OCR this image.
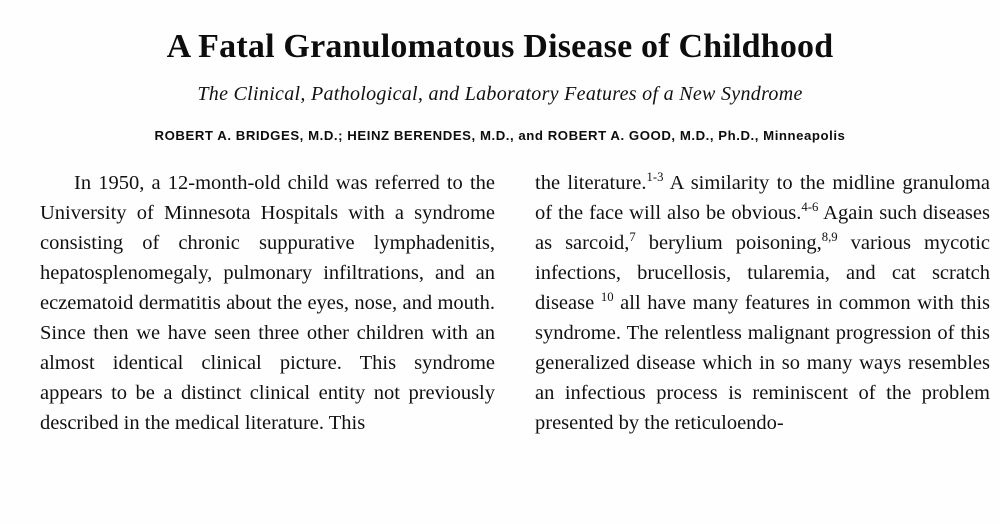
A Fatal Granulomatous Disease of Childhood
The Clinical, Pathological, and Laboratory Features of a New Syndrome
ROBERT A. BRIDGES, M.D.; HEINZ BERENDES, M.D., and ROBERT A. GOOD, M.D., Ph.D., Minneapolis

In 1950, a 12-month-old child was referred to the University of Minnesota Hospitals with a syndrome consisting of chronic suppurative lymphadenitis, hepatosplenomegaly, pulmonary infiltrations, and an eczematoid dermatitis about the eyes, nose, and mouth. Since then we have seen three other children with an almost identical clinical picture. This syndrome appears to be a distinct clinical entity not previously described in the medical literature. This

the literature.$^{1-3}$ A similarity to the midline granuloma of the face will also be obvious.$^{4-6}$ Again such diseases as sarcoid,$^7$ berylium poisoning,$^{8,9}$ various mycotic infections, brucellosis, tularemia, and cat scratch disease $^{10}$ all have many features in common with this syndrome. The relentless malignant progression of this generalized disease which in so many ways resembles an infectious process is reminiscent of the problem presented by the reticuloendo-
